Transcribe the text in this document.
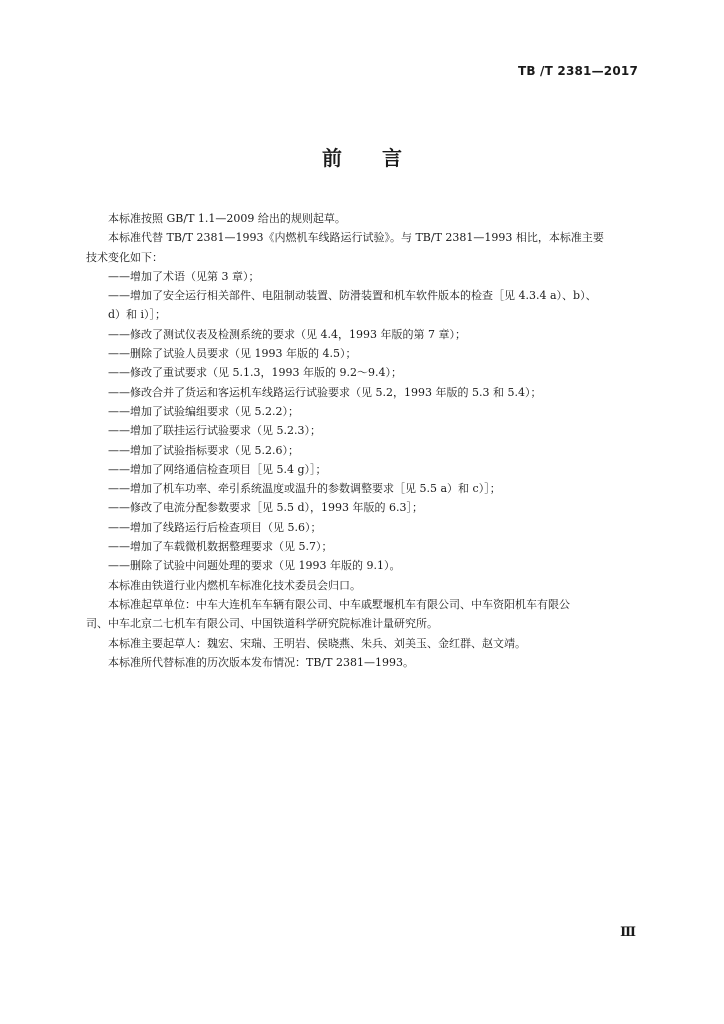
TB /T 2381—2017
前言

本标准按照 GB/T 1.1—2009 给出的规则起草。

本标准代替 TB/T 2381—1993《内燃机车线路运行试验》。与 TB/T 2381—1993 相比，本标准主要

技术变化如下：

——增加了术语（见第 3 章）；

——增加了安全运行相关部件、电阻制动装置、防滑装置和机车软件版本的检查［见 4.3.4 a）、b）、

d）和 i）］；

——修改了测试仪表及检测系统的要求（见 4.4，1993 年版的第 7 章）；

——删除了试验人员要求（见 1993 年版的 4.5）；

——修改了重试要求（见 5.1.3，1993 年版的 9.2～9.4）；

——修改合并了货运和客运机车线路运行试验要求（见 5.2，1993 年版的 5.3 和 5.4）；

——增加了试验编组要求（见 5.2.2）；

——增加了联挂运行试验要求（见 5.2.3）；

——增加了试验指标要求（见 5.2.6）；

——增加了网络通信检查项目［见 5.4 g）］；

——增加了机车功率、牵引系统温度或温升的参数调整要求［见 5.5 a）和 c）］；

——修改了电流分配参数要求［见 5.5 d），1993 年版的 6.3］；

——增加了线路运行后检查项目（见 5.6）；

——增加了车载微机数据整理要求（见 5.7）；

——删除了试验中问题处理的要求（见 1993 年版的 9.1）。

本标准由铁道行业内燃机车标准化技术委员会归口。

本标准起草单位：中车大连机车车辆有限公司、中车戚墅堰机车有限公司、中车资阳机车有限公

司、中车北京二七机车有限公司、中国铁道科学研究院标准计量研究所。

本标准主要起草人：魏宏、宋瑞、王明岩、侯晓燕、朱兵、刘美玉、金红群、赵文靖。

本标准所代替标准的历次版本发布情况：TB/T 2381—1993。

Ⅲ
